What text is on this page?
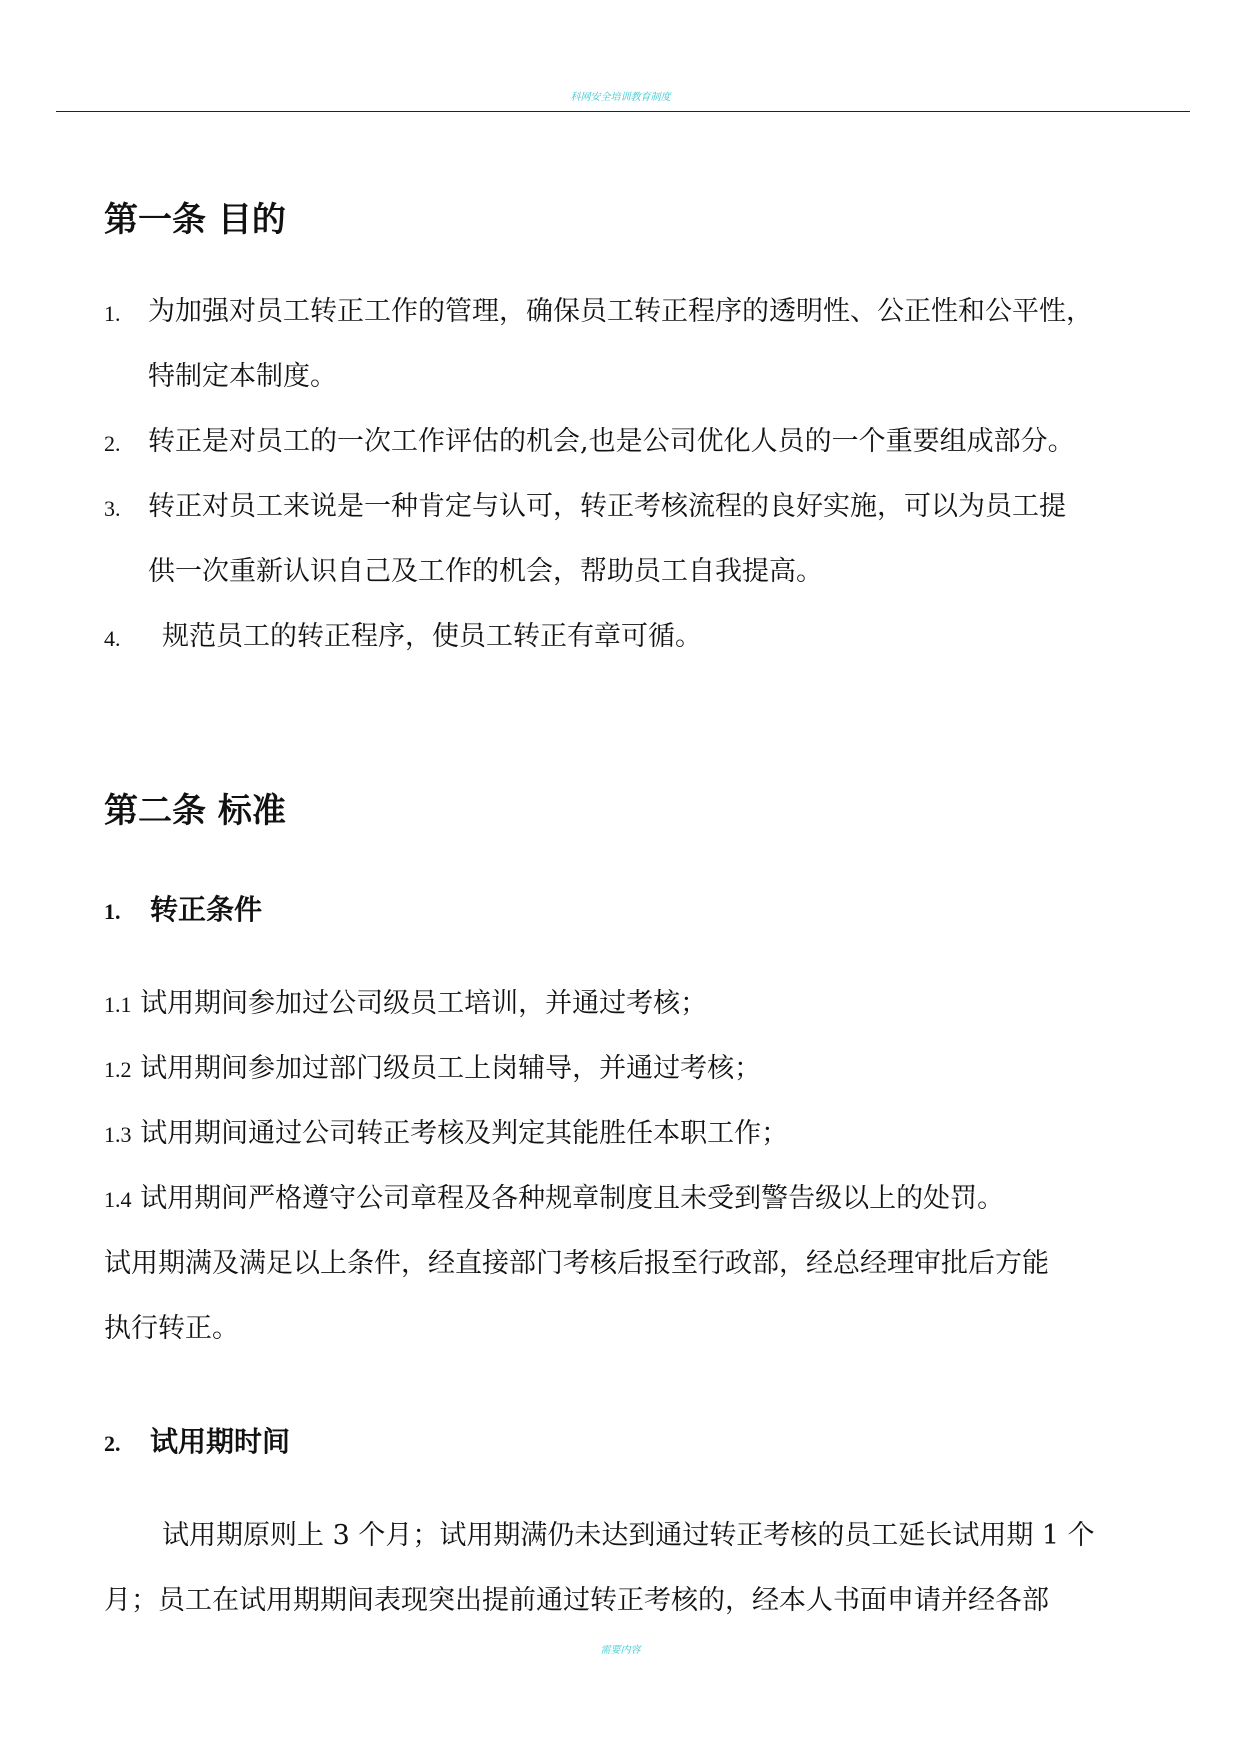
科网安全培训教育制度
第一条 目的
1. 为加强对员工转正工作的管理，确保员工转正程序的透明性、公正性和公平性，
特制定本制度。
2. 转正是对员工的一次工作评估的机会,也是公司优化人员的一个重要组成部分。
3. 转正对员工来说是一种肯定与认可，转正考核流程的良好实施，可以为员工提
供一次重新认识自己及工作的机会，帮助员工自我提高。
4. 规范员工的转正程序，使员工转正有章可循。
第二条 标准
1. 转正条件
1.1 试用期间参加过公司级员工培训，并通过考核；
1.2 试用期间参加过部门级员工上岗辅导，并通过考核；
1.3 试用期间通过公司转正考核及判定其能胜任本职工作；
1.4 试用期间严格遵守公司章程及各种规章制度且未受到警告级以上的处罚。
试用期满及满足以上条件，经直接部门考核后报至行政部，经总经理审批后方能
执行转正。
2. 试用期时间
试用期原则上 3 个月；试用期满仍未达到通过转正考核的员工延长试用期 1 个
月；员工在试用期期间表现突出提前通过转正考核的，经本人书面申请并经各部
需要内容
